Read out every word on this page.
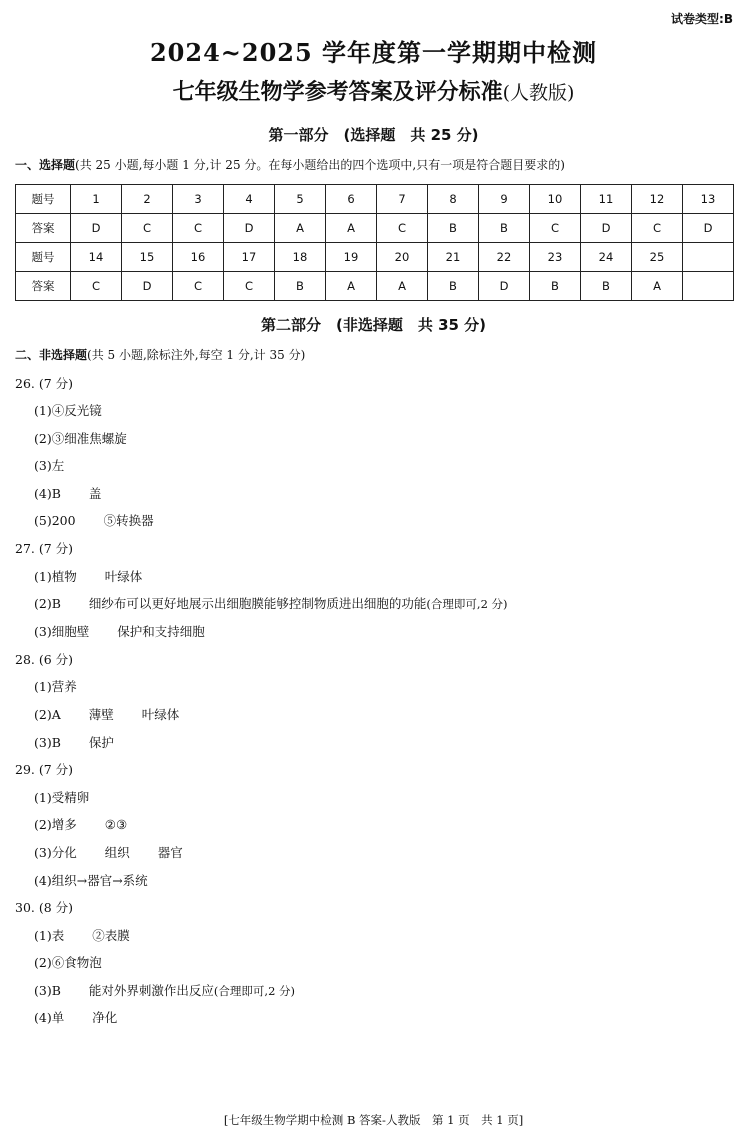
试卷类型:B
2024~2025 学年度第一学期期中检测
七年级生物学参考答案及评分标准(人教版)
第一部分　(选择题　共 25 分)
一、选择题(共 25 小题,每小题 1 分,计 25 分。在每小题给出的四个选项中,只有一项是符合题目要求的)
题号	1	2	3	4	5	6	7	8	9	10	11	12	13
答案	D	C	C	D	A	A	C	B	B	C	D	C	D
题号	14	15	16	17	18	19	20	21	22	23	24	25	
答案	C	D	C	C	B	A	A	B	D	B	B	A	
第二部分　(非选择题　共 35 分)
二、非选择题(共 5 小题,除标注外,每空 1 分,计 35 分)
26. (7 分)
(1)④反光镜
(2)③细准焦螺旋
(3)左
(4)B 盖
(5)200 ⑤转换器
27. (7 分)
(1)植物 叶绿体
(2)B 细纱布可以更好地展示出细胞膜能够控制物质进出细胞的功能(合理即可,2 分)
(3)细胞壁 保护和支持细胞
28. (6 分)
(1)营养
(2)A 薄壁 叶绿体
(3)B 保护
29. (7 分)
(1)受精卵
(2)增多 ②③
(3)分化 组织 器官
(4)组织→器官→系统
30. (8 分)
(1)表 ②表膜
(2)⑥食物泡
(3)B 能对外界刺激作出反应(合理即可,2 分)
(4)单 净化
[七年级生物学期中检测 B 答案-人教版　第 1 页　共 1 页]
